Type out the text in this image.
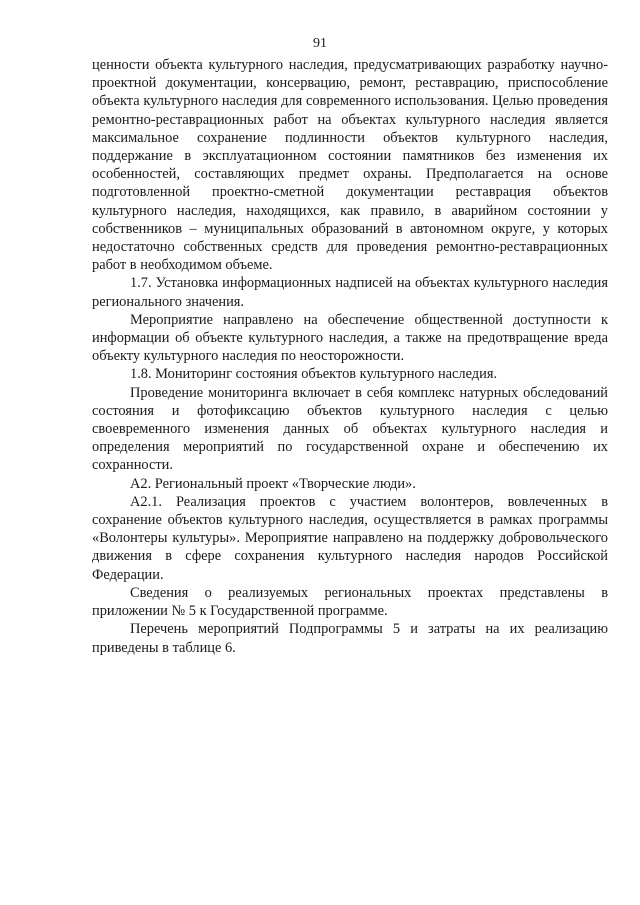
91

ценности объекта культурного наследия, предусматривающих разработку научно-проектной документации, консервацию, ремонт, реставрацию, приспособление объекта культурного наследия для современного использования. Целью проведения ремонтно-реставрационных работ на объектах культурного наследия является максимальное сохранение подлинности объектов культурного наследия, поддержание в эксплуатационном состоянии памятников без изменения их особенностей, составляющих предмет охраны. Предполагается на основе подготовленной проектно-сметной документации реставрация объектов культурного наследия, находящихся, как правило, в аварийном состоянии у собственников – муниципальных образований в автономном округе, у которых недостаточно собственных средств для проведения ремонтно-реставрационных работ в необходимом объеме.

1.7. Установка информационных надписей на объектах культурного наследия регионального значения.

Мероприятие направлено на обеспечение общественной доступности к информации об объекте культурного наследия, а также на предотвращение вреда объекту культурного наследия по неосторожности.

1.8. Мониторинг состояния объектов культурного наследия.

Проведение мониторинга включает в себя комплекс натурных обследований состояния и фотофиксацию объектов культурного наследия с целью своевременного изменения данных об объектах культурного наследия и определения мероприятий по государственной охране и обеспечению их сохранности.

А2. Региональный проект «Творческие люди».

А2.1. Реализация проектов с участием волонтеров, вовлеченных в сохранение объектов культурного наследия, осуществляется в рамках программы «Волонтеры культуры». Мероприятие направлено на поддержку добровольческого движения в сфере сохранения культурного наследия народов Российской Федерации.

Сведения о реализуемых региональных проектах представлены в приложении № 5 к Государственной программе.

Перечень мероприятий Подпрограммы 5 и затраты на их реализацию приведены в таблице 6.
